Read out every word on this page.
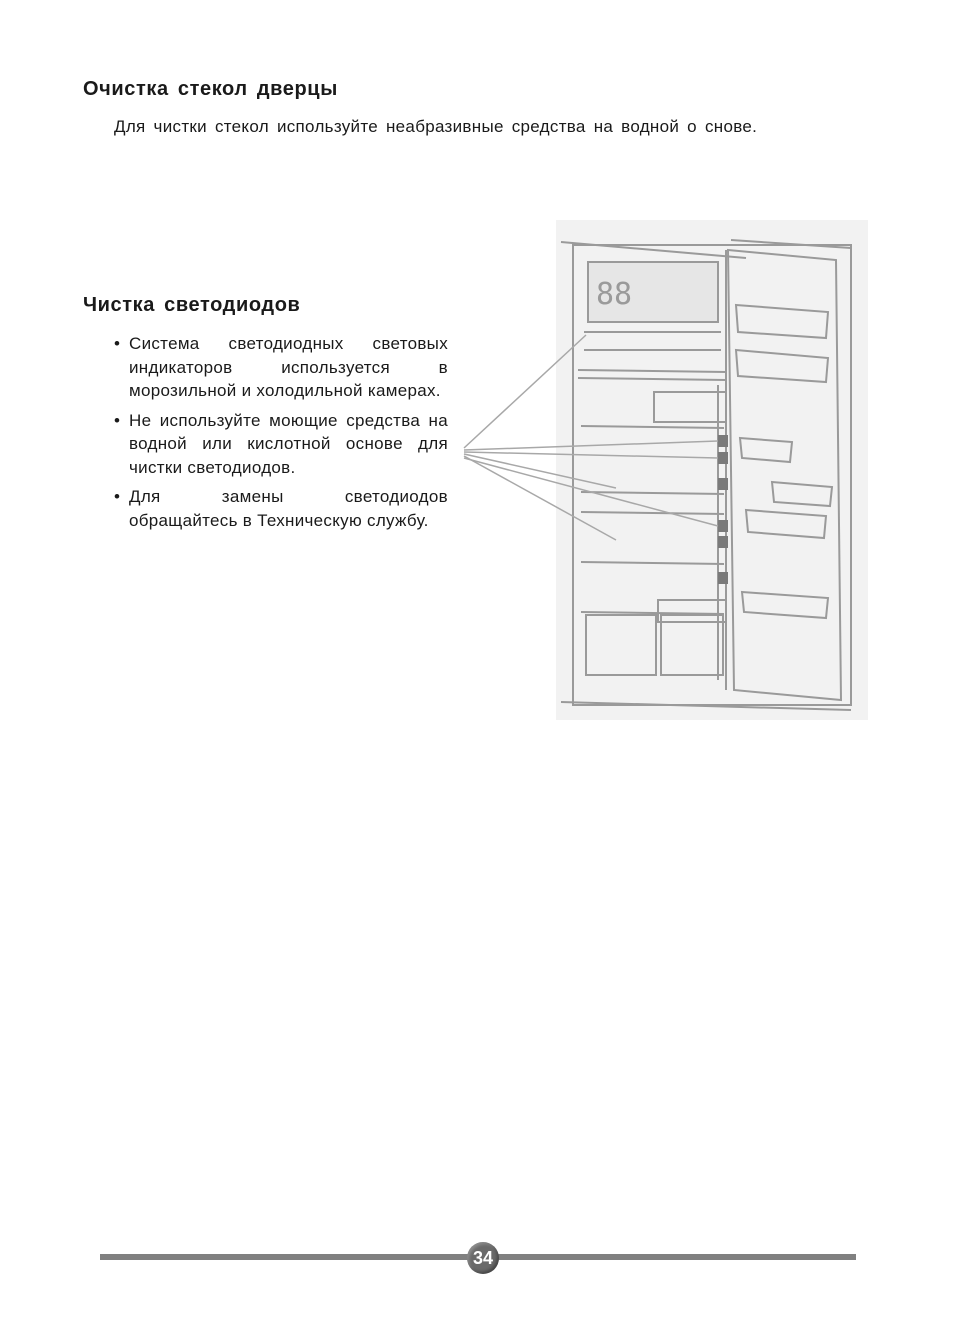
Очистка стекол дверцы

Для чистки стекол используйте неабразивные средства на водной о снове.

Чистка светодиодов
• Система светодиодных световых индикаторов используется в морозильной и холодильной камерах.
• Не используйте моющие средства на водной или кислотной основе для чистки светодиодов.
• Для замены светодиодов обращайтесь в Техническую службу.
88
34
